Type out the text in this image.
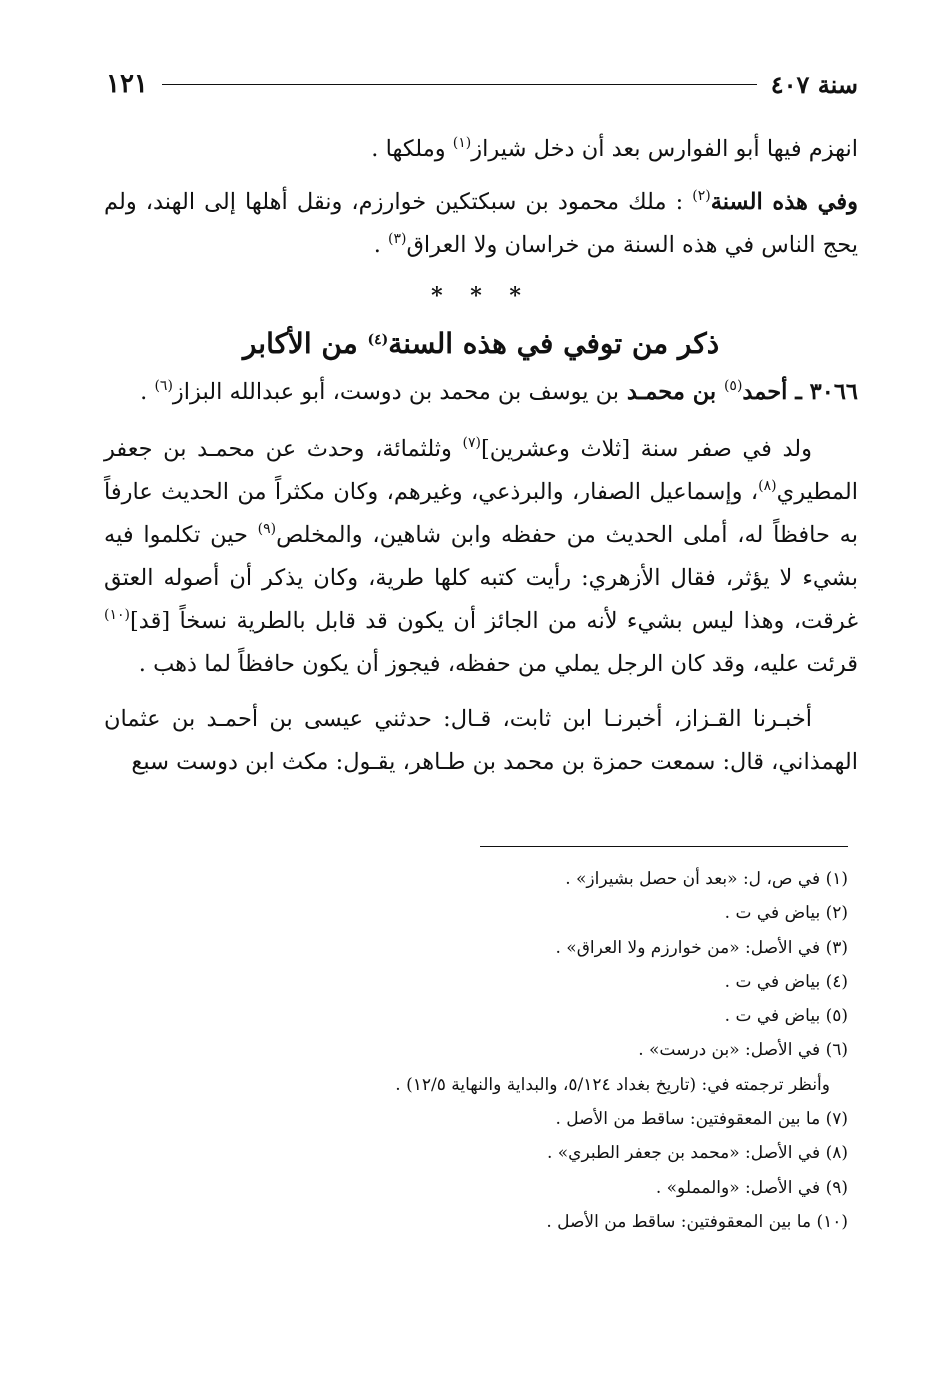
سنة ٤٠٧
١٢١

انهزم فيها أبو الفوارس بعد أن دخل شيراز$^{(١)}$ وملكها .

وفي هذه السنة$^{(٢)}$ : ملك محمود بن سبكتكين خوارزم، ونقل أهلها إلى الهند، ولم يحج الناس في هذه السنة من خراسان ولا العراق$^{(٣)}$ .

* * *
ذكر من توفي في هذه السنة$^{(٤)}$ من الأكابر

٣٠٦٦ ـ أحمد$^{(٥)}$ بن محمـد بن يوسف بن محمد بن دوست، أبو عبدالله البزاز$^{(٦)}$ .

ولد في صفر سنة [ثلاث وعشرين]$^{(٧)}$ وثلثمائة، وحدث عن محمـد بن جعفر المطيري$^{(٨)}$، وإسماعيل الصفار، والبرذعي، وغيرهم، وكان مكثراً من الحديث عارفاً به حافظاً له، أملى الحديث من حفظه وابن شاهين، والمخلص$^{(٩)}$ حين تكلموا فيه بشيء لا يؤثر، فقال الأزهري: رأيت كتبه كلها طرية، وكان يذكر أن أصوله العتق غرقت، وهذا ليس بشيء لأنه من الجائز أن يكون قد قابل بالطرية نسخاً [قد]$^{(١٠)}$ قرئت عليه، وقد كان الرجل يملي من حفظه، فيجوز أن يكون حافظاً لما ذهب .

أخبـرنا القـزاز، أخبرنـا ابن ثابت، قـال: حدثني عيسى بن أحمـد بن عثمان الهمذاني، قال: سمعت حمزة بن محمد بن طـاهر، يقـول: مكث ابن دوست سبع

(١) في ص، ل: «بعد أن حصل بشيراز» .
(٢) بياض في ت .
(٣) في الأصل: «من خوارزم ولا العراق» .
(٤) بياض في ت .
(٥) بياض في ت .
(٦) في الأصل: «بن درست» .
وأنظر ترجمته في: (تاريخ بغداد ٥/١٢٤، والبداية والنهاية ١٢/٥) .
(٧) ما بين المعقوفتين: ساقط من الأصل .
(٨) في الأصل: «محمد بن جعفر الطبري» .
(٩) في الأصل: «والمملو» .
(١٠) ما بين المعقوفتين: ساقط من الأصل .
